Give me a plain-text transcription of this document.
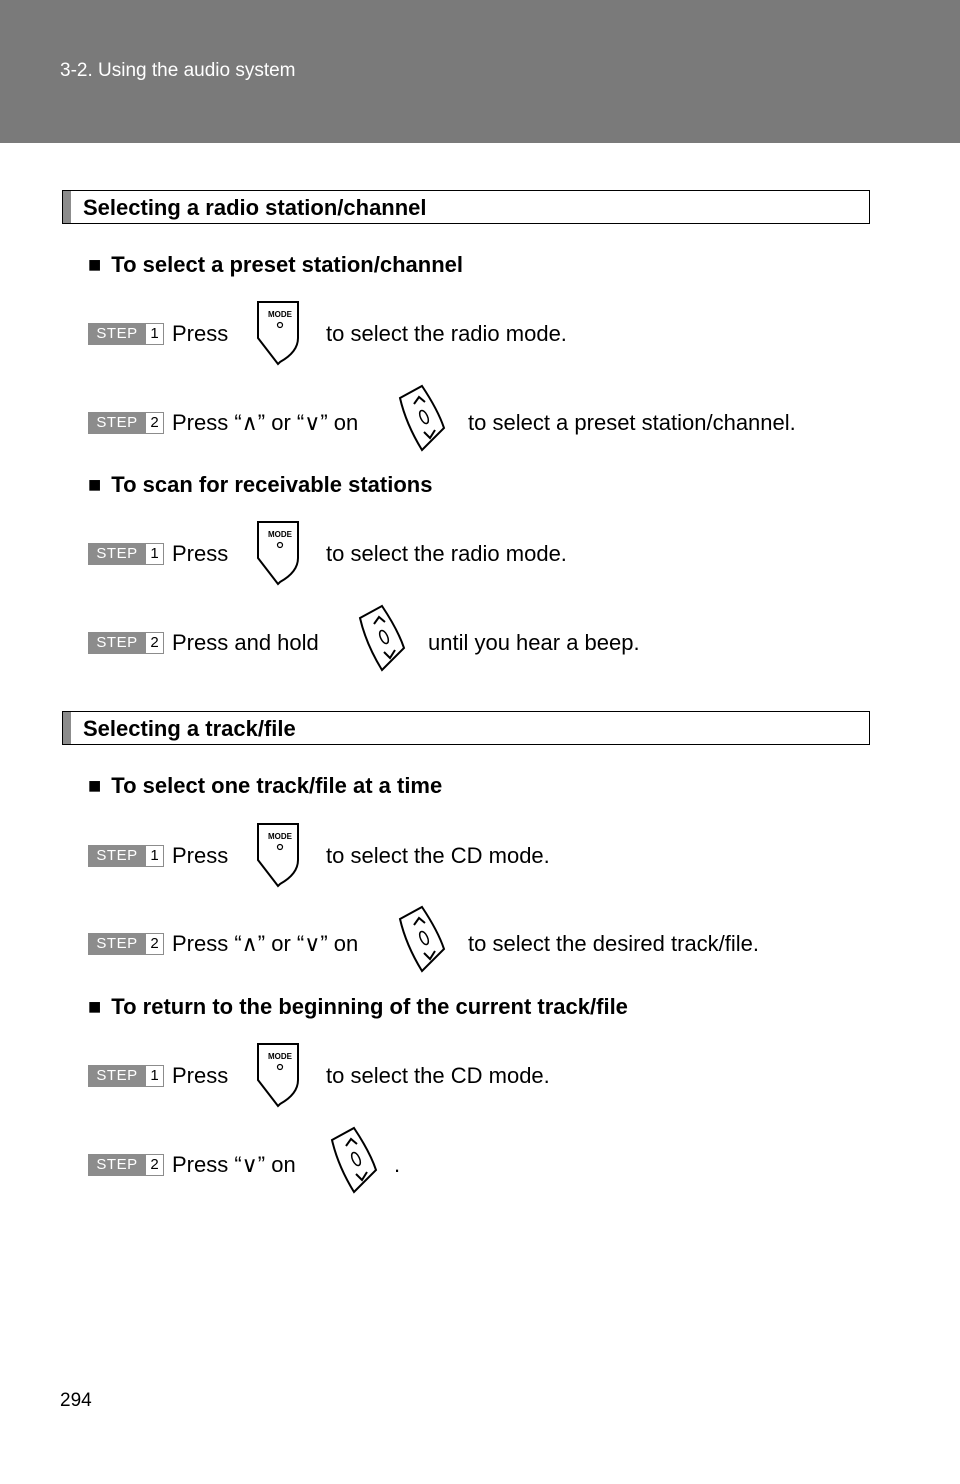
3-2. Using the audio system
Selecting a radio station/channel
■ To select a preset station/channel
STEP 1 Press
MODE
to select the radio mode.
STEP 2 Press “∧” or “∨” on	to select a preset station/channel.
■ To scan for receivable stations
STEP 1 Press
MODE
to select the radio mode.
STEP 2 Press and hold	until you hear a beep.
Selecting a track/file
■ To select one track/file at a time
STEP 1 Press
MODE
to select the CD mode.
STEP 2 Press “∧” or “∨” on	to select the desired track/file.
■ To return to the beginning of the current track/file
STEP 1 Press
MODE
to select the CD mode.
STEP 2 Press “∨” on	.
294
